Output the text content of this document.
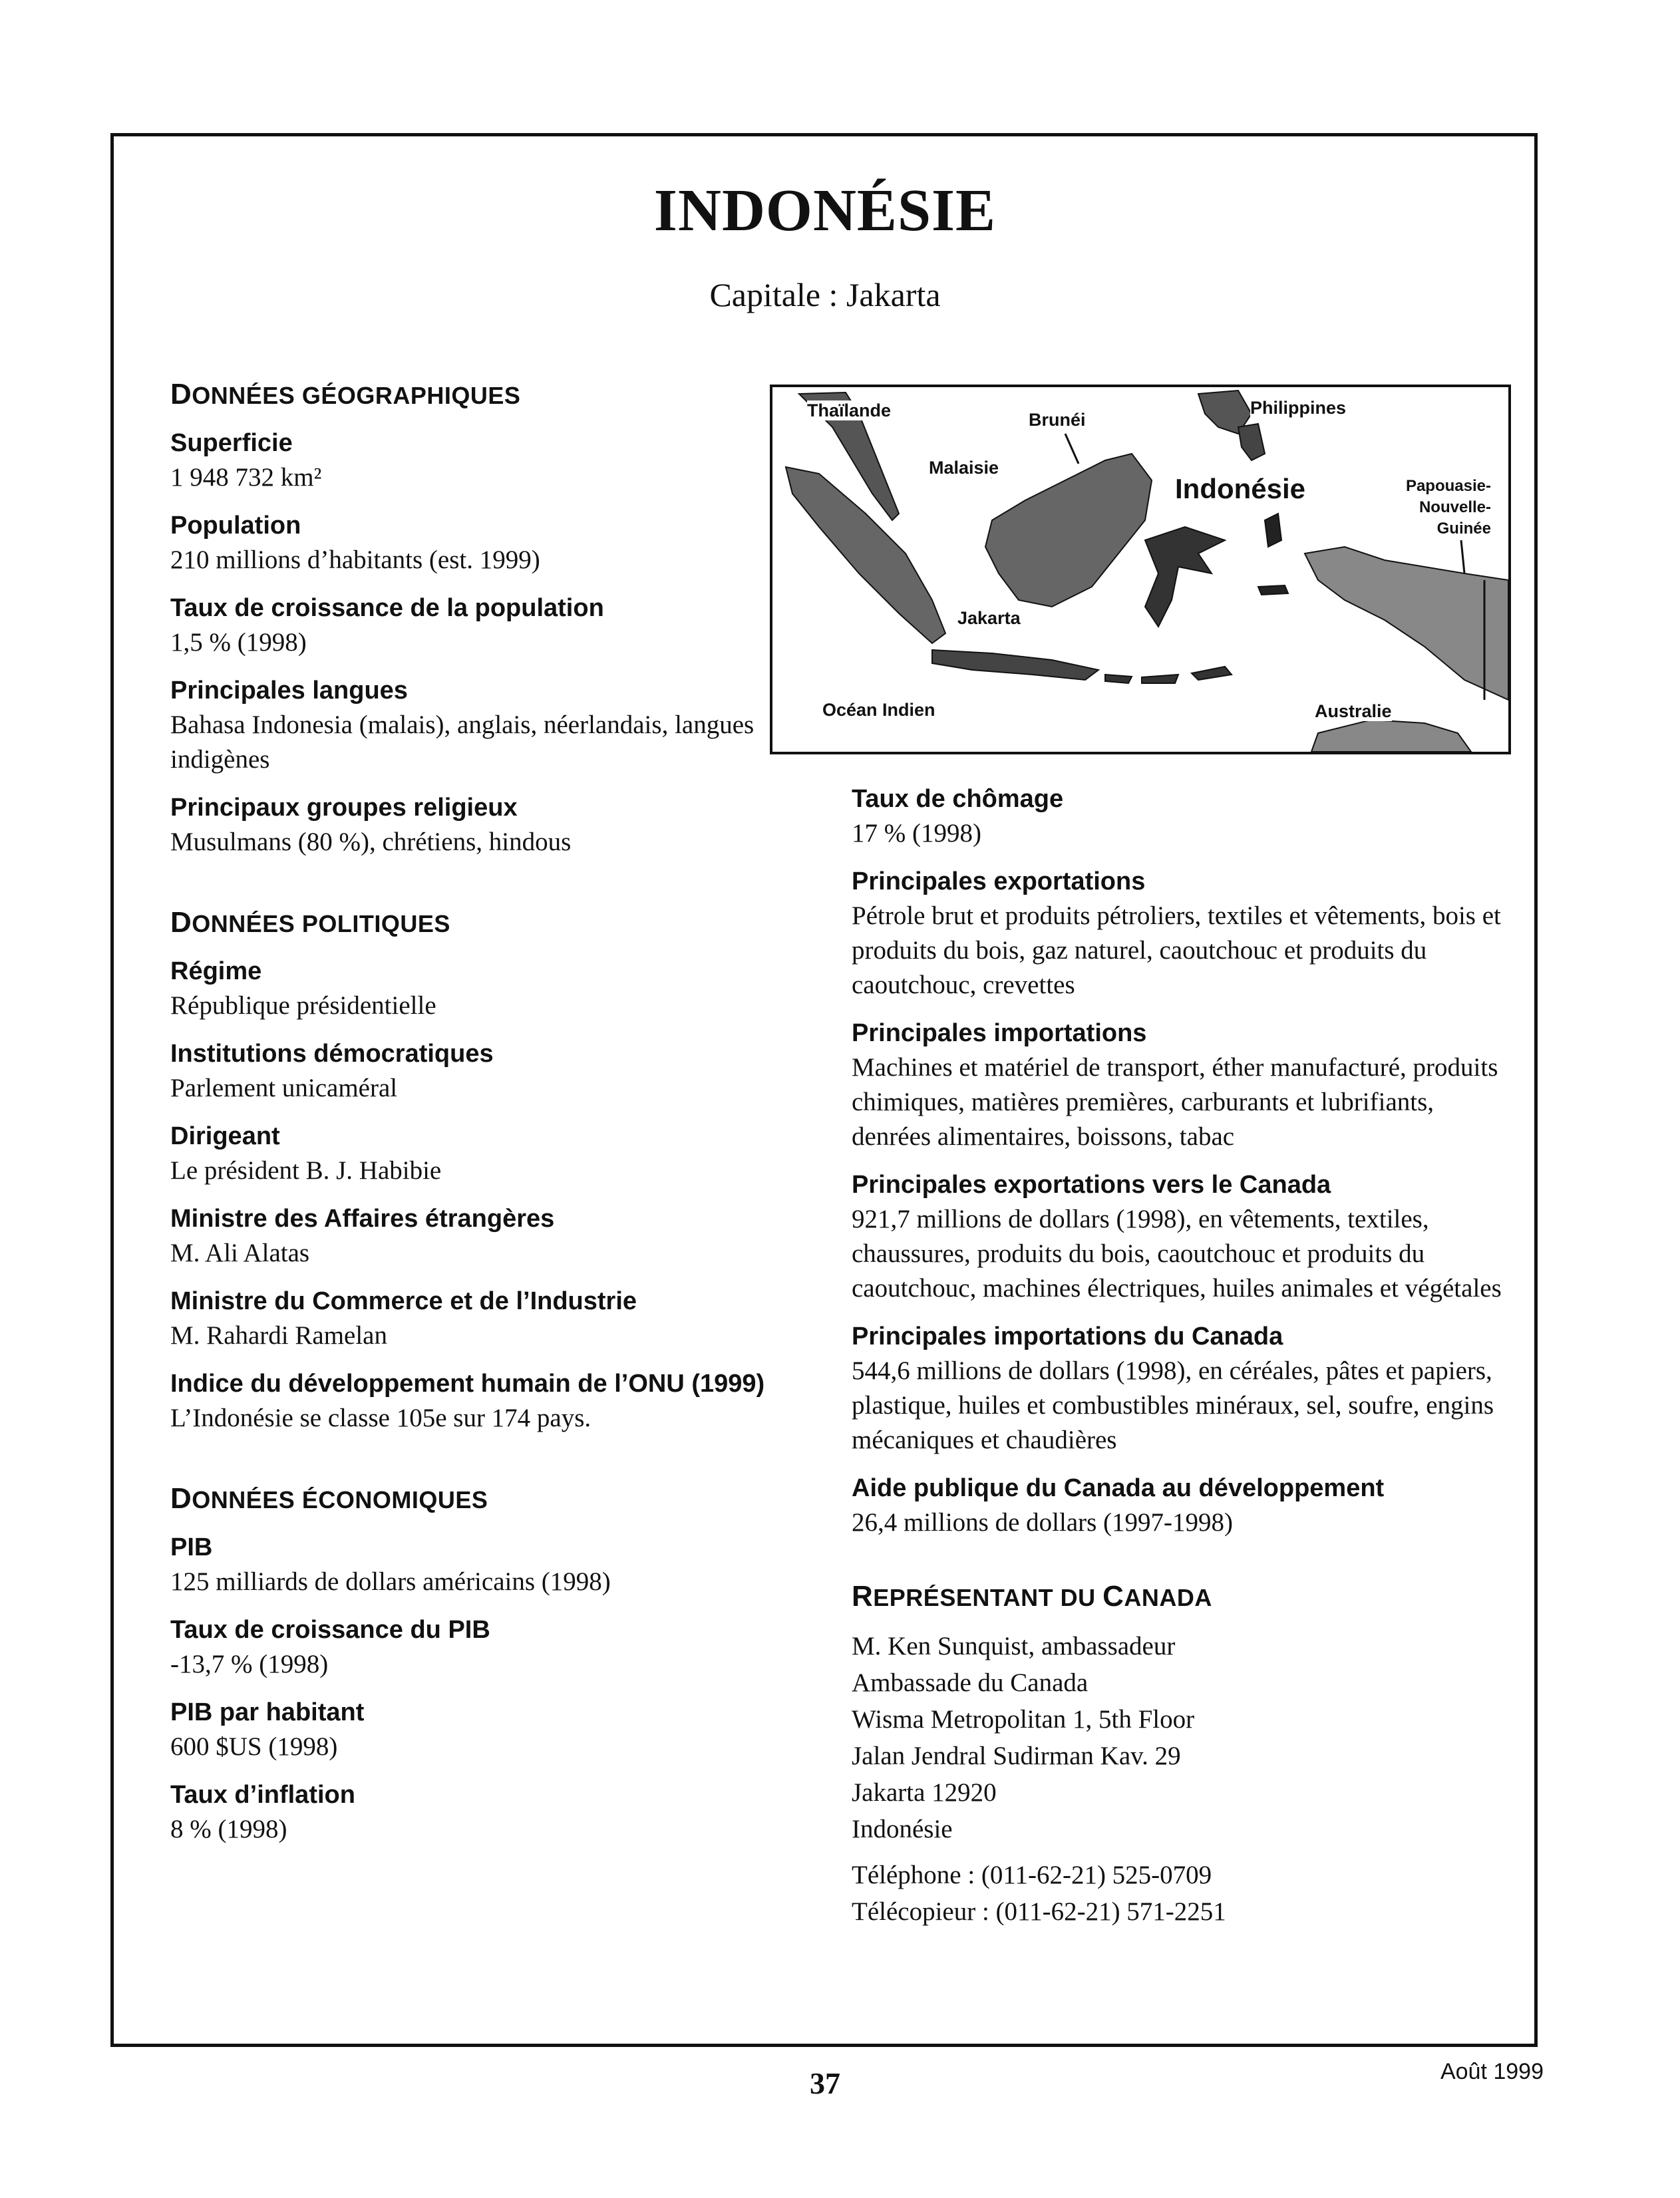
INDONÉSIE
Capitale : Jakarta
DONNÉES GÉOGRAPHIQUES
Superficie
1 948 732 km²
Population
210 millions d’habitants (est. 1999)
Taux de croissance de la population
1,5 % (1998)
Principales langues
Bahasa Indonesia (malais), anglais, néerlandais, langues indigènes
Principaux groupes religieux
Musulmans (80 %), chrétiens, hindous
DONNÉES POLITIQUES
Régime
République présidentielle
Institutions démocratiques
Parlement unicaméral
Dirigeant
Le président B. J. Habibie
Ministre des Affaires étrangères
M. Ali Alatas
Ministre du Commerce et de l’Industrie
M. Rahardi Ramelan
Indice du développement humain de l’ONU (1999)
L’Indonésie se classe 105e sur 174 pays.
DONNÉES ÉCONOMIQUES
PIB
125 milliards de dollars américains (1998)
Taux de croissance du PIB
-13,7 % (1998)
PIB par habitant
600 $US (1998)
Taux d’inflation
8 % (1998)
Thaïlande	Brunéi
Philippines
Malaisie
Indonésie	Papouasie-
Nouvelle-
Guinée
Jakarta
Océan Indien	Australie
Taux de chômage
17 % (1998)
Principales exportations
Pétrole brut et produits pétroliers, textiles et vêtements, bois et produits du bois, gaz naturel, caoutchouc et produits du caoutchouc, crevettes
Principales importations
Machines et matériel de transport, éther manufacturé, produits chimiques, matières premières, carburants et lubrifiants, denrées alimentaires, boissons, tabac
Principales exportations vers le Canada
921,7 millions de dollars (1998), en vêtements, textiles, chaussures, produits du bois, caoutchouc et produits du caoutchouc, machines électriques, huiles animales et végétales
Principales importations du Canada
544,6 millions de dollars (1998), en céréales, pâtes et papiers, plastique, huiles et combustibles minéraux, sel, soufre, engins mécaniques et chaudières
Aide publique du Canada au développement
26,4 millions de dollars (1997-1998)
REPRÉSENTANT DU CANADA
M. Ken Sunquist, ambassadeur
Ambassade du Canada
Wisma Metropolitan 1, 5th Floor
Jalan Jendral Sudirman Kav. 29
Jakarta 12920
Indonésie
Téléphone : (011-62-21) 525-0709
Télécopieur : (011-62-21) 571-2251
37	Août 1999
